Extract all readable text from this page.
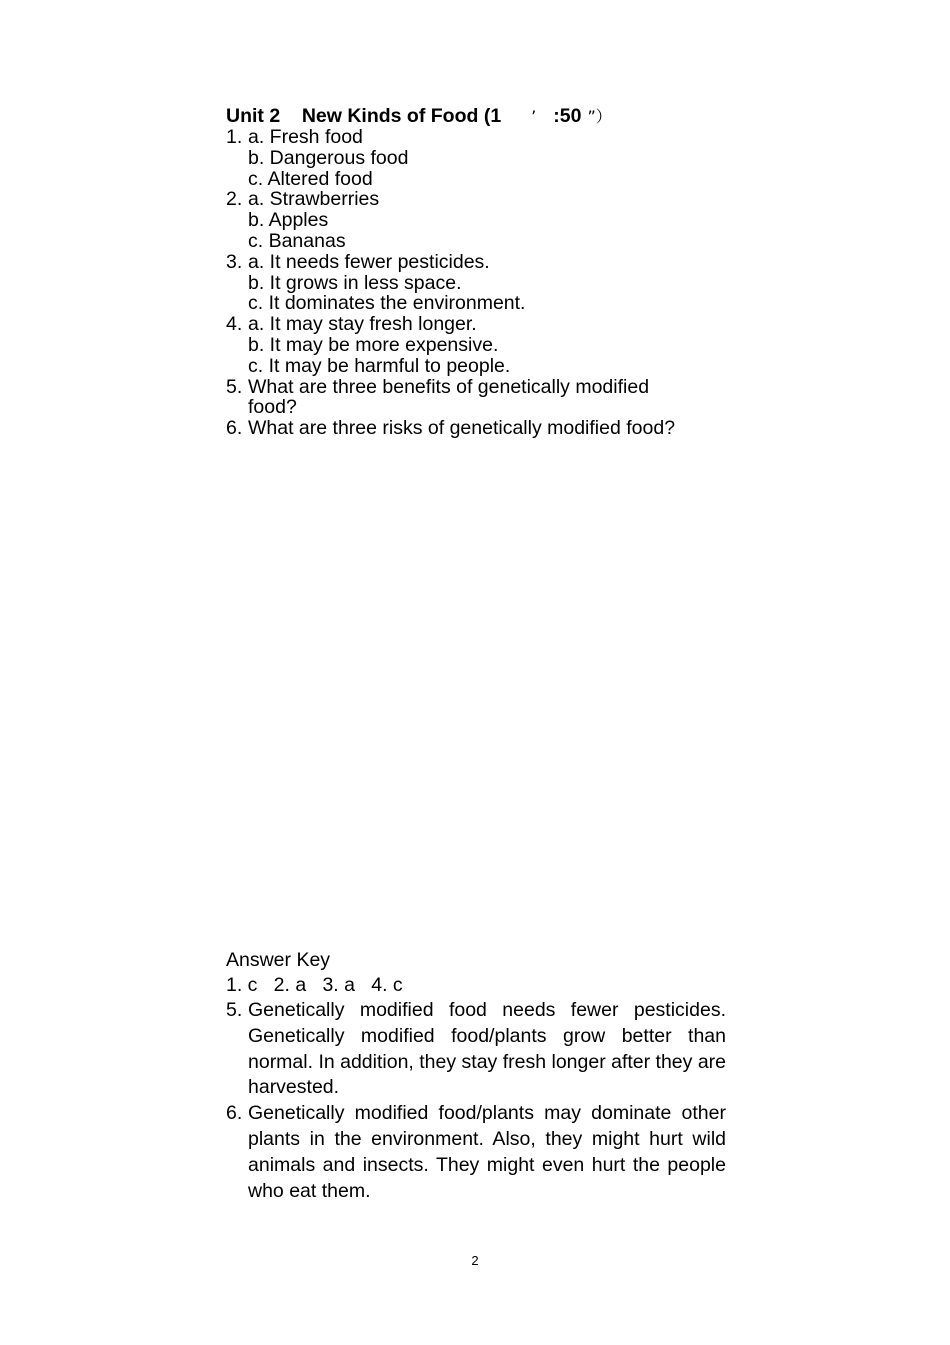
Unit 2    New Kinds of Food (1 ’ :50 ”）
1. a. Fresh food
b. Dangerous food
c. Altered food
2. a. Strawberries
b. Apples
c. Bananas
3. a. It needs fewer pesticides.
b. It grows in less space.
c. It dominates the environment.
4. a. It may stay fresh longer.
b. It may be more expensive.
c. It may be harmful to people.
5. What are three benefits of genetically modified food?
6. What are three risks of genetically modified food?
Answer Key
1. c   2. a   3. a   4. c
5. Genetically modified food needs fewer pesticides. Genetically modified food/plants grow better than normal. In addition, they stay fresh longer after they are harvested.
6. Genetically modified food/plants may dominate other plants in the environment. Also, they might hurt wild animals and insects. They might even hurt the people who eat them.
2
